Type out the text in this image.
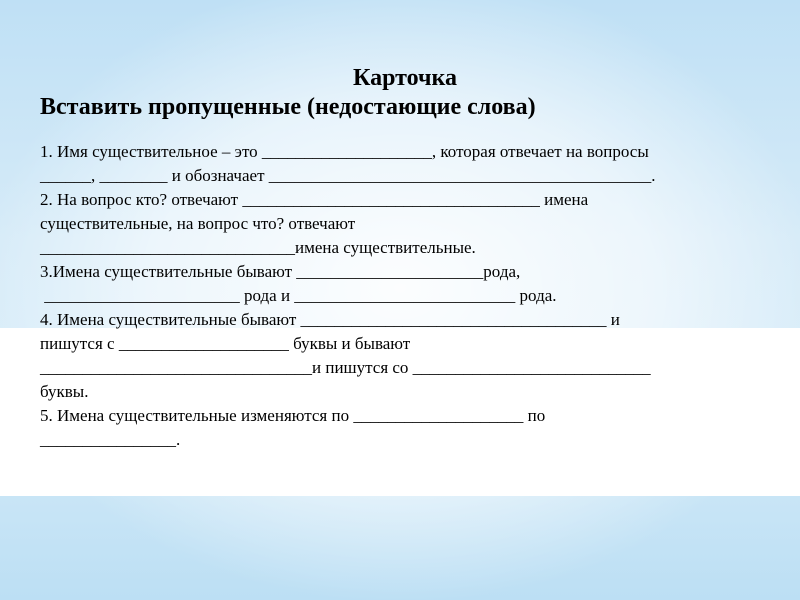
Карточка

Вставить пропущенные (недостающие слова)

1. Имя существительное – это ____________________, которая отвечает на вопросы
______, ________ и обозначает _____________________________________________.
2. На вопрос кто? отвечают ___________________________________ имена
существительные, на вопрос что? отвечают
______________________________имена существительные.
3.Имена существительные бывают ______________________рода,
_______________________ рода и __________________________ рода.
4. Имена существительные бывают ____________________________________ и
пишутся с ____________________ буквы и бывают
________________________________и пишутся со ____________________________
буквы.
5. Имена существительные изменяются по ____________________ по
________________.
